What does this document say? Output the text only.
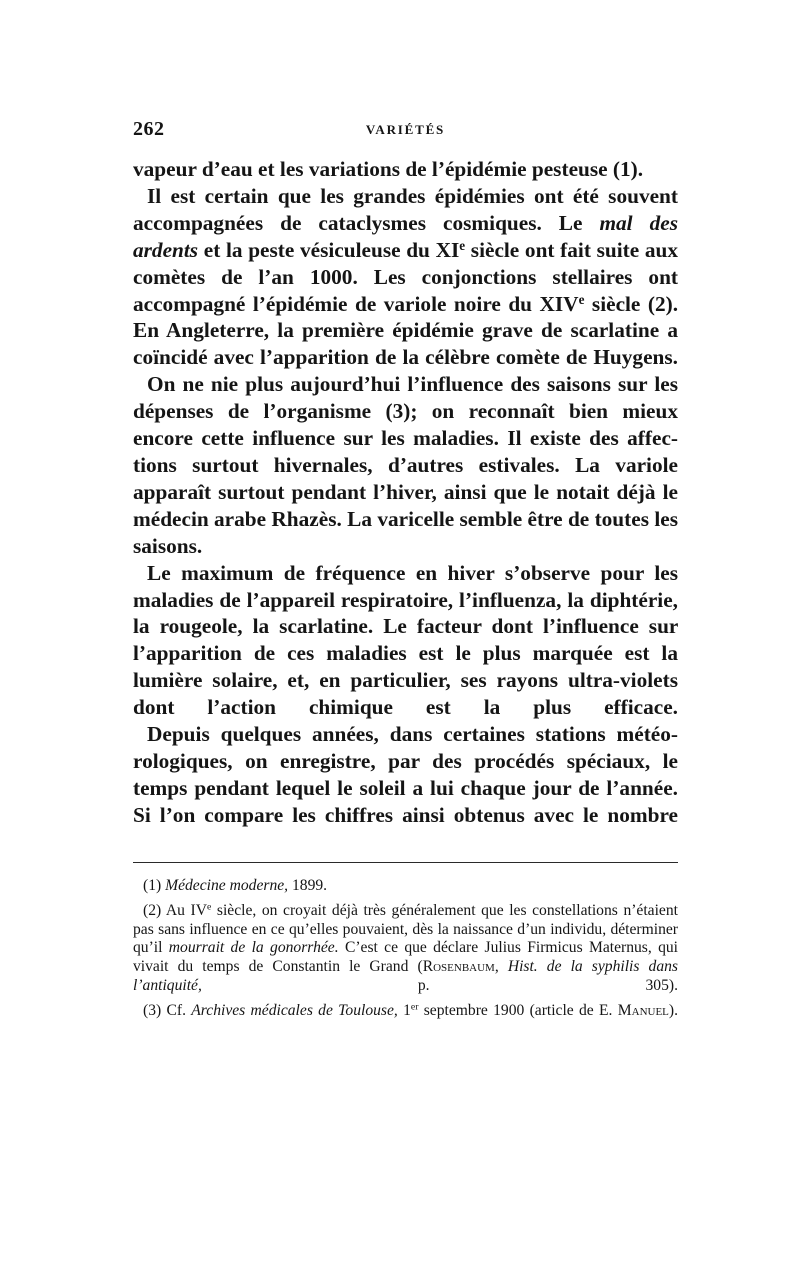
262	VARIÉTÉS

vapeur d’eau et les variations de l’épidémie pesteuse (1).

Il est certain que les grandes épidémies ont été souvent accompagnées de cataclysmes cosmiques. Le mal des ardents et la peste vésiculeuse du XIe siècle ont fait suite aux comètes de l’an 1000. Les conjonctions stellaires ont accompagné l’épidémie de variole noire du XIVe siècle (2). En Angleterre, la première épidémie grave de scarlatine a coïncidé avec l’apparition de la célèbre comète de Huygens.

On ne nie plus aujourd’hui l’influence des saisons sur les dépenses de l’organisme (3); on reconnaît bien mieux encore cette influence sur les maladies. Il existe des affec-tions surtout hivernales, d’autres estivales. La variole apparaît surtout pendant l’hiver, ainsi que le notait déjà le médecin arabe Rhazès. La varicelle semble être de toutes les saisons.

Le maximum de fréquence en hiver s’observe pour les maladies de l’appareil respiratoire, l’influenza, la diphtérie, la rougeole, la scarlatine. Le facteur dont l’influence sur l’apparition de ces maladies est le plus marquée est la lumière solaire, et, en particulier, ses rayons ultra-violets dont l’action chimique est la plus efficace.

Depuis quelques années, dans certaines stations météo-rologiques, on enregistre, par des procédés spéciaux, le temps pendant lequel le soleil a lui chaque jour de l’année. Si l’on compare les chiffres ainsi obtenus avec le nombre

(1) Médecine moderne, 1899.

(2) Au IVe siècle, on croyait déjà très généralement que les constellations n’étaient pas sans influence en ce qu’elles pouvaient, dès la naissance d’un individu, déterminer qu’il mourrait de la gonorrhée. C’est ce que déclare Julius Firmicus Maternus, qui vivait du temps de Constantin le Grand (Rosenbaum, Hist. de la syphilis dans l’antiquité,	p. 305).

(3) Cf. Archives médicales de Toulouse, 1er septembre 1900 (article de E. Manuel).
